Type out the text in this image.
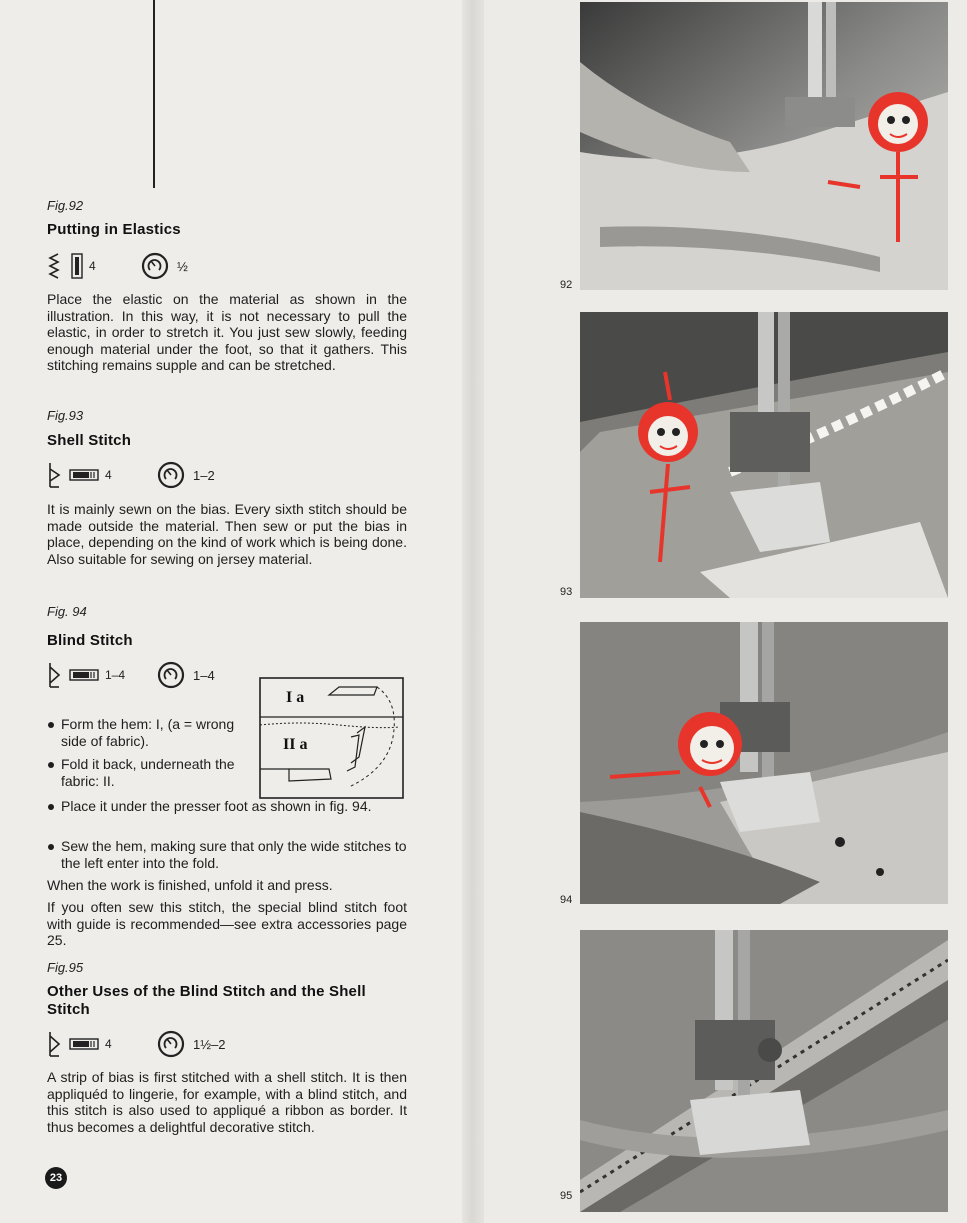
Fig.92
Putting in Elastics
4	½
Place the elastic on the material as shown in the illustration. In this way, it is not necessary to pull the elastic, in order to stretch it. You just sew slowly, feeding enough material under the foot, so that it gathers. This stitching remains supple and can be stretched.
Fig.93
Shell Stitch
4	1–2
It is mainly sewn on the bias. Every sixth stitch should be made outside the material. Then sew or put the bias in place, depending on the kind of work which is being done. Also suitable for sewing on jersey material.
Fig. 94
Blind Stitch
1–4	1–4
I a
II a
Form the hem: I, (a = wrong side of fabric).
Fold it back, underneath the fabric: II.
Place it under the presser foot as shown in fig. 94.
Sew the hem, making sure that only the wide stitches to the left enter into the fold.
When the work is finished, unfold it and press.
If you often sew this stitch, the special blind stitch foot with guide is recommended—see extra accessories page 25.
Fig.95
Other Uses of the Blind Stitch and the Shell Stitch
4	1½–2
A strip of bias is first stitched with a shell stitch. It is then appliquéd to lingerie, for example, with a blind stitch, and this stitch is also used to appliqué a ribbon as border. It thus becomes a delightful decorative stitch.
23
92
93
94
95
